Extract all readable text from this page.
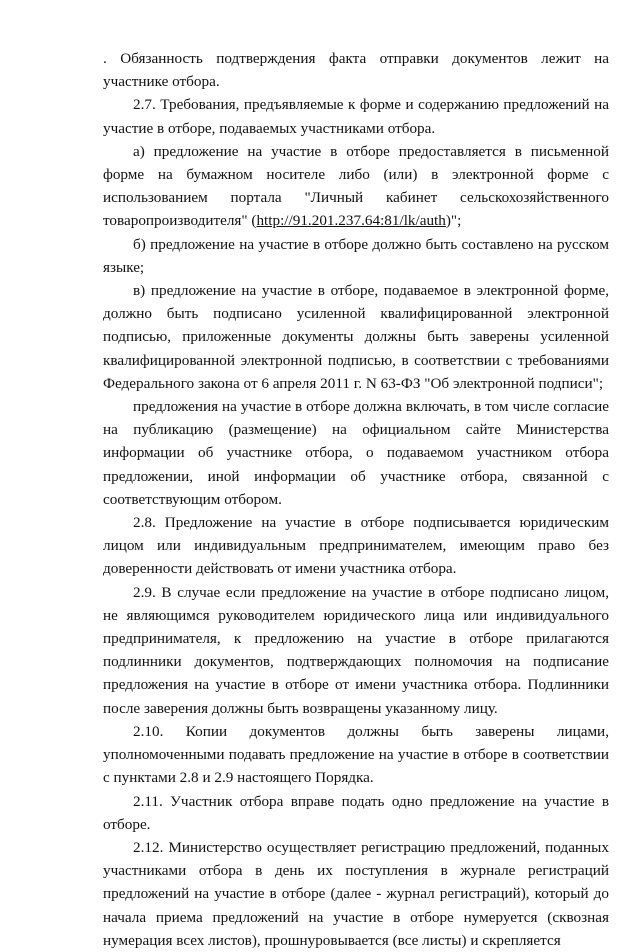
. Обязанность подтверждения факта отправки документов лежит на участнике отбора.

2.7. Требования, предъявляемые к форме и содержанию предложений на участие в отборе, подаваемых участниками отбора.

а) предложение на участие в отборе предоставляется в письменной форме на бумажном носителе либо (или) в электронной форме с использованием портала "Личный кабинет сельскохозяйственного товаропроизводителя" (http://91.201.237.64:81/lk/auth)";

б) предложение на участие в отборе должно быть составлено на русском языке;

в) предложение на участие в отборе, подаваемое в электронной форме, должно быть подписано усиленной квалифицированной электронной подписью, приложенные документы должны быть заверены усиленной квалифицированной электронной подписью, в соответствии с требованиями Федерального закона от 6 апреля 2011 г. N 63-ФЗ "Об электронной подписи";

предложения на участие в отборе должна включать, в том числе согласие на публикацию (размещение) на официальном сайте Министерства информации об участнике отбора, о подаваемом участником отбора предложении, иной информации об участнике отбора, связанной с соответствующим отбором.

2.8. Предложение на участие в отборе подписывается юридическим лицом или индивидуальным предпринимателем, имеющим право без доверенности действовать от имени участника отбора.

2.9. В случае если предложение на участие в отборе подписано лицом, не являющимся руководителем юридического лица или индивидуального предпринимателя, к предложению на участие в отборе прилагаются подлинники документов, подтверждающих полномочия на подписание предложения на участие в отборе от имени участника отбора. Подлинники после заверения должны быть возвращены указанному лицу.

2.10. Копии документов должны быть заверены лицами, уполномоченными подавать предложение на участие в отборе в соответствии с пунктами 2.8 и 2.9 настоящего Порядка.

2.11. Участник отбора вправе подать одно предложение на участие в отборе.

2.12. Министерство осуществляет регистрацию предложений, поданных участниками отбора в день их поступления в журнале регистраций предложений на участие в отборе (далее - журнал регистраций), который до начала приема предложений на участие в отборе нумеруется (сквозная нумерация всех листов), прошнуровывается (все листы) и скрепляется
